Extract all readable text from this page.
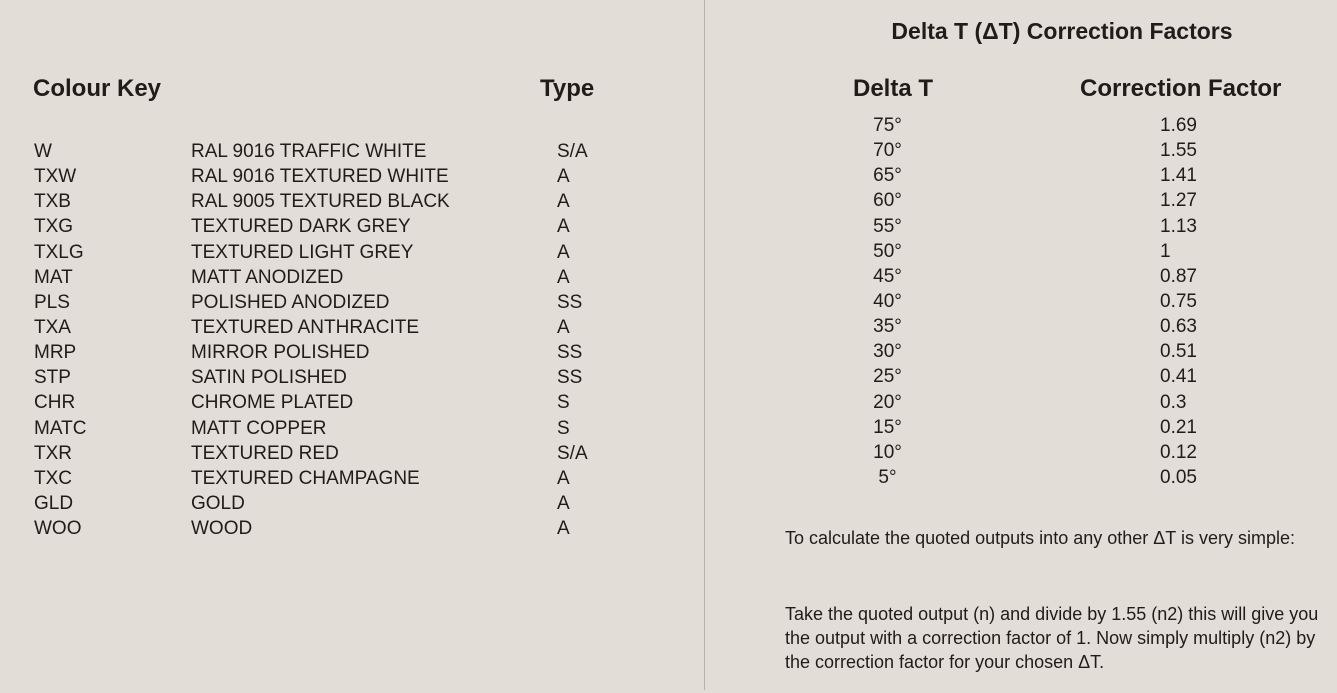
Colour Key	Type
W	RAL 9016 TRAFFIC WHITE	S/A
TXW	RAL 9016 TEXTURED WHITE	A
TXB	RAL 9005 TEXTURED BLACK	A
TXG	TEXTURED DARK GREY	A
TXLG	TEXTURED LIGHT GREY	A
MAT	MATT ANODIZED	A
PLS	POLISHED ANODIZED	SS
TXA	TEXTURED ANTHRACITE	A
MRP	MIRROR POLISHED	SS
STP	SATIN POLISHED	SS
CHR	CHROME PLATED	S
MATC	MATT COPPER	S
TXR	TEXTURED RED	S/A
TXC	TEXTURED CHAMPAGNE	A
GLD	GOLD	A
WOO	WOOD	A
Delta T (ΔT) Correction Factors
Delta T	Correction Factor
75°	1.69
70°	1.55
65°	1.41
60°	1.27
55°	1.13
50°	1
45°	0.87
40°	0.75
35°	0.63
30°	0.51
25°	0.41
20°	0.3
15°	0.21
10°	0.12
5°	0.05

To calculate the quoted outputs into any other ΔT is very simple:

Take the quoted output (n) and divide by 1.55 (n2) this will give you the output with a correction factor of 1. Now simply multiply (n2) by the correction factor for your chosen ΔT.
